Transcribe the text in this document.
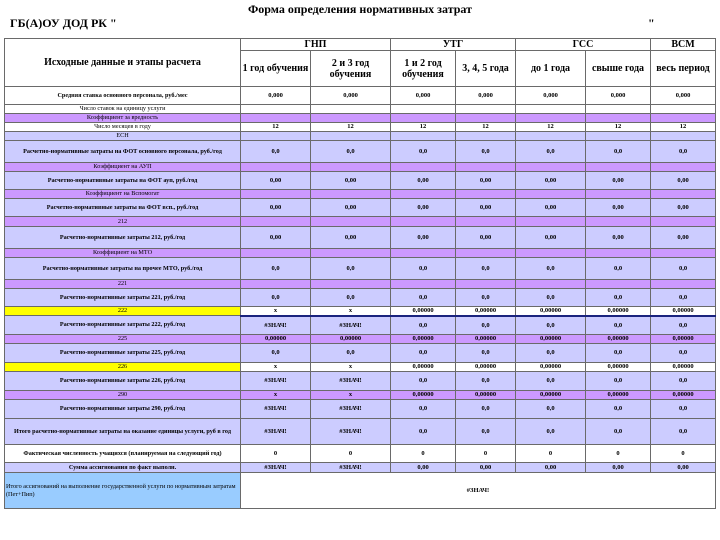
Форма определения нормативных затрат
ГБ(А)ОУ ДОД РК "	"
Исходные данные и этапы расчета	ГНП		УТГ		ГСС		ВСМ
	1 год обучения	2 и 3 год обучения	1 и 2 год обучения	3, 4, 5 года	до 1 года	свыше года	весь период
Средняя ставка основного персонала, руб./мес	0,000	0,000	0,000	0,000	0,000	0,000	0,000
Число ставок на единицу услуги							
Коэффициент за вредность							
Число месяцев в году	12	12	12	12	12	12	12
ЕСН							
Расчетно-нормативные затраты на ФОТ основного персонала, руб./год	0,0	0,0	0,0	0,0	0,0	0,0	0,0
Коэффициент на АУП							
Расчетно-нормативные затраты на ФОТ ауп, руб./год	0,00	0,00	0,00	0,00	0,00	0,00	0,00
Коэффициент на Вспомогат							
Расчетно-нормативные затраты на ФОТ всп., руб./год	0,00	0,00	0,00	0,00	0,00	0,00	0,00
212							
Расчетно-нормативные затраты 212, руб./год	0,00	0,00	0,00	0,00	0,00	0,00	0,00
Коэффициент на МТО							
Расчетно-нормативные затраты на прочее МТО, руб./год	0,0	0,0	0,0	0,0	0,0	0,0	0,0
221							
Расчетно-нормативные затраты 221, руб./год	0,0	0,0	0,0	0,0	0,0	0,0	0,0
222	x	x	0,00000	0,00000	0,00000	0,00000	0,00000
Расчетно-нормативные затраты 222, руб./год	#ЗНАЧ!	#ЗНАЧ!	0,0	0,0	0,0	0,0	0,0
225	0,00000	0,00000	0,00000	0,00000	0,00000	0,00000	0,00000
Расчетно-нормативные затраты 225, руб./год	0,0	0,0	0,0	0,0	0,0	0,0	0,0
226	x	x	0,00000	0,00000	0,00000	0,00000	0,00000
Расчетно-нормативные затраты 226, руб./год	#ЗНАЧ!	#ЗНАЧ!	0,0	0,0	0,0	0,0	0,0
290	x	x	0,00000	0,00000	0,00000	0,00000	0,00000
Расчетно-нормативные затраты 290, руб./год	#ЗНАЧ!	#ЗНАЧ!	0,0	0,0	0,0	0,0	0,0
Итого расчетно-нормативные затраты на оказание единицы услуги, руб в год	#ЗНАЧ!	#ЗНАЧ!	0,0	0,0	0,0	0,0	0,0
Фактическая численность учащихся (планируемая на следующий год)	0	0	0	0	0	0	0
Сумма ассигнования по факт выполн.	#ЗНАЧ!	#ЗНАЧ!	0,00	0,00	0,00	0,00	0,00
Итого ассигнований на выполнение государственной услуги по нормативным затратам (Пет+Пип)	#ЗНАЧ!						
